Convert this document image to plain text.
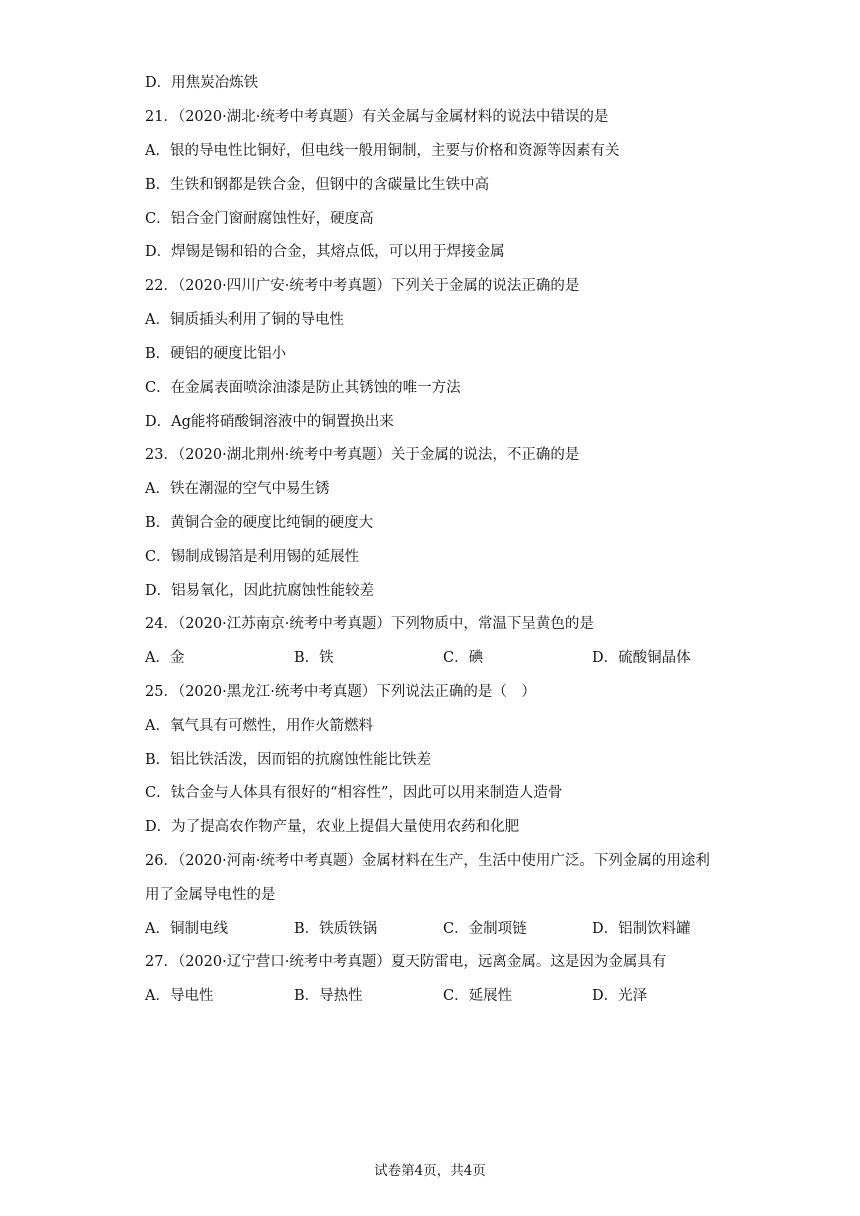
D．用焦炭冶炼铁
21．（2020·湖北·统考中考真题）有关金属与金属材料的说法中错误的是
A．银的导电性比铜好，但电线一般用铜制，主要与价格和资源等因素有关
B．生铁和钢都是铁合金，但钢中的含碳量比生铁中高
C．铝合金门窗耐腐蚀性好，硬度高
D．焊锡是锡和铅的合金，其熔点低，可以用于焊接金属
22．（2020·四川广安·统考中考真题）下列关于金属的说法正确的是
A．铜质插头利用了铜的导电性
B．硬铝的硬度比铝小
C．在金属表面喷涂油漆是防止其锈蚀的唯一方法
D．Ag能将硝酸铜溶液中的铜置换出来
23．（2020·湖北荆州·统考中考真题）关于金属的说法，不正确的是
A．铁在潮湿的空气中易生锈
B．黄铜合金的硬度比纯铜的硬度大
C．锡制成锡箔是利用锡的延展性
D．铝易氧化，因此抗腐蚀性能较差
24．（2020·江苏南京·统考中考真题）下列物质中，常温下呈黄色的是
A．金	B．铁	C．碘	D．硫酸铜晶体
25．（2020·黑龙江·统考中考真题）下列说法正确的是（　）
A．氧气具有可燃性，用作火箭燃料
B．铝比铁活泼，因而铝的抗腐蚀性能比铁差
C．钛合金与人体具有很好的“相容性”，因此可以用来制造人造骨
D．为了提高农作物产量，农业上提倡大量使用农药和化肥
26．（2020·河南·统考中考真题）金属材料在生产，生活中使用广泛。下列金属的用途利
用了金属导电性的是
A．铜制电线	B．铁质铁锅	C．金制项链	D．铝制饮料罐
27．（2020·辽宁营口·统考中考真题）夏天防雷电，远离金属。这是因为金属具有
A．导电性	B．导热性	C．延展性	D．光泽
试卷第4页，共4页
